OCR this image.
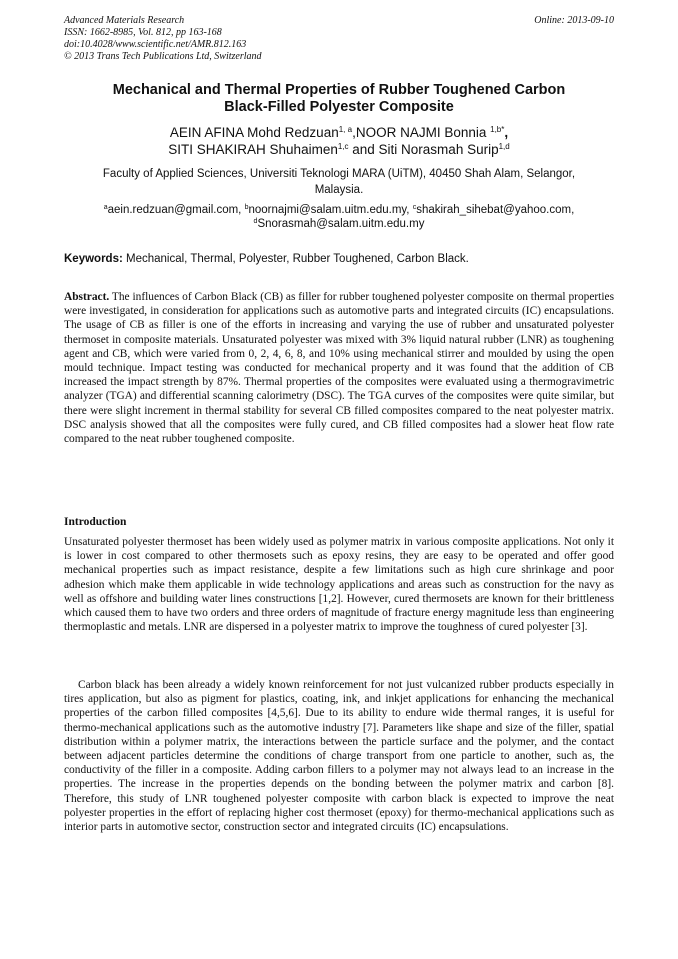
Advanced Materials Research
ISSN: 1662-8985, Vol. 812, pp 163-168
doi:10.4028/www.scientific.net/AMR.812.163
© 2013 Trans Tech Publications Ltd, Switzerland
Online: 2013-09-10
Mechanical and Thermal Properties of Rubber Toughened Carbon
Black-Filled Polyester Composite
AEIN AFINA Mohd Redzuan$^{1, a}$,NOOR NAJMI Bonnia $^{1,b*}$,
SITI SHAKIRAH Shuhaimen$^{1,c}$ and Siti Norasmah Surip$^{1,d}$
Faculty of Applied Sciences, Universiti Teknologi MARA (UiTM), 40450 Shah Alam, Selangor,
Malaysia.
$^a$aein.redzuan@gmail.com, $^b$noornajmi@salam.uitm.edu.my, $^c$shakirah_sihebat@yahoo.com,
$^d$Snorasmah@salam.uitm.edu.my
Keywords: Mechanical, Thermal, Polyester, Rubber Toughened, Carbon Black.

Abstract. The influences of Carbon Black (CB) as filler for rubber toughened polyester composite on thermal properties were investigated, in consideration for applications such as automotive parts and integrated circuits (IC) encapsulations. The usage of CB as filler is one of the efforts in increasing and varying the use of rubber and unsaturated polyester thermoset in composite materials. Unsaturated polyester was mixed with 3% liquid natural rubber (LNR) as toughening agent and CB, which were varied from 0, 2, 4, 6, 8, and 10% using mechanical stirrer and moulded by using the open mould technique. Impact testing was conducted for mechanical property and it was found that the addition of CB increased the impact strength by 87%. Thermal properties of the composites were evaluated using a thermogravimetric analyzer (TGA) and differential scanning calorimetry (DSC). The TGA curves of the composites were quite similar, but there were slight increment in thermal stability for several CB filled composites compared to the neat polyester matrix. DSC analysis showed that all the composites were fully cured, and CB filled composites had a slower heat flow rate compared to the neat rubber toughened composite.

Introduction

Unsaturated polyester thermoset has been widely used as polymer matrix in various composite applications. Not only it is lower in cost compared to other thermosets such as epoxy resins, they are easy to be operated and offer good mechanical properties such as impact resistance, despite a few limitations such as high cure shrinkage and poor adhesion which make them applicable in wide technology applications and areas such as construction for the navy as well as offshore and building water lines constructions [1,2]. However, cured thermosets are known for their brittleness which caused them to have two orders and three orders of magnitude of fracture energy magnitude less than engineering thermoplastic and metals. LNR are dispersed in a polyester matrix to improve the toughness of cured polyester [3].

Carbon black has been already a widely known reinforcement for not just vulcanized rubber products especially in tires application, but also as pigment for plastics, coating, ink, and inkjet applications for enhancing the mechanical properties of the carbon filled composites [4,5,6]. Due to its ability to endure wide thermal ranges, it is useful for thermo-mechanical applications such as the automotive industry [7]. Parameters like shape and size of the filler, spatial distribution within a polymer matrix, the interactions between the particle surface and the polymer, and the contact between adjacent particles determine the conditions of charge transport from one particle to another, such as, the conductivity of the filler in a composite. Adding carbon fillers to a polymer may not always lead to an increase in the properties. The increase in the properties depends on the bonding between the polymer matrix and carbon [8]. Therefore, this study of LNR toughened polyester composite with carbon black is expected to improve the neat polyester properties in the effort of replacing higher cost thermoset (epoxy) for thermo-mechanical applications such as interior parts in automotive sector, construction sector and integrated circuits (IC) encapsulations.
